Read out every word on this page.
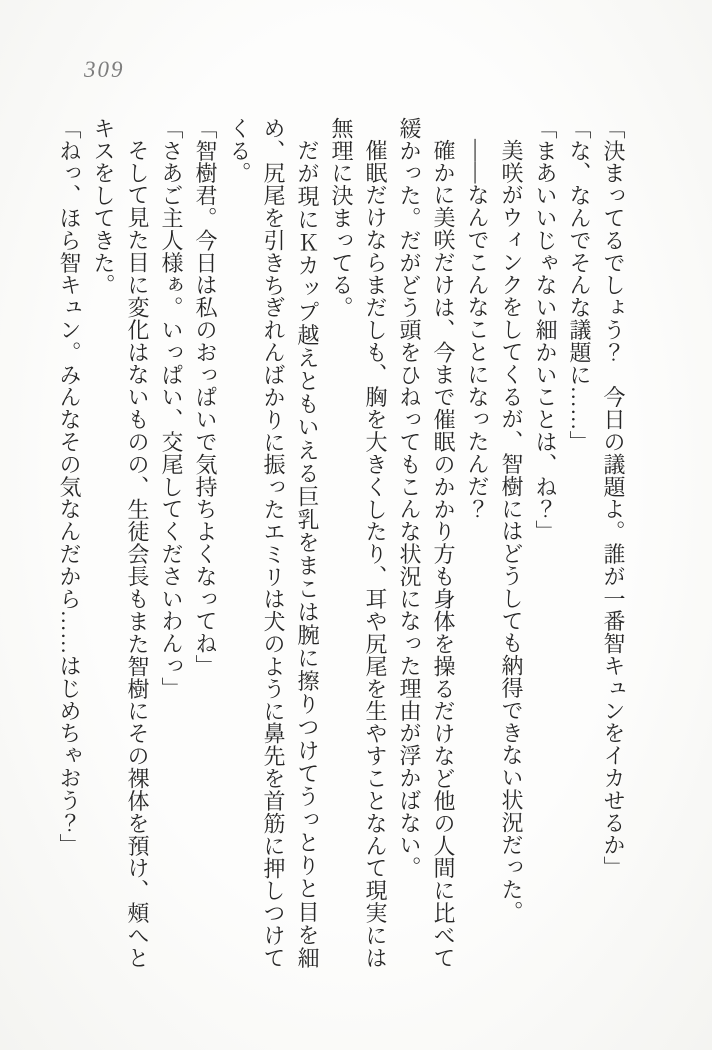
309

「決まってるでしょう？　今日の議題よ。誰が一番智キュンをイカせるか」

「な、なんでそんな議題に……」

「まあいいじゃない細かいことは、ね？」

美咲がウィンクをしてくるが、智樹にはどうしても納得できない状況だった。

――なんでこんなことになったんだ？

確かに美咲だけは、今まで催眠のかかり方も身体を操るだけなど他の人間に比べて緩かった。だがどう頭をひねってもこんな状況になった理由が浮かばない。

催眠だけならまだしも、胸を大きくしたり、耳や尻尾を生やすことなんて現実には無理に決まってる。

だが現にＫカップ越えともいえる巨乳をまこは腕に擦りつけてうっとりと目を細め、尻尾を引きちぎれんばかりに振ったエミリは犬のように鼻先を首筋に押しつけてくる。

「智樹君。今日は私のおっぱいで気持ちよくなってね」

「さあご主人様ぁ。いっぱい、交尾してくださいわんっ」

そして見た目に変化はないものの、生徒会長もまた智樹にその裸体を預け、頰へとキスをしてきた。

「ねっ、ほら智キュン。みんなその気なんだから……はじめちゃおう？」
